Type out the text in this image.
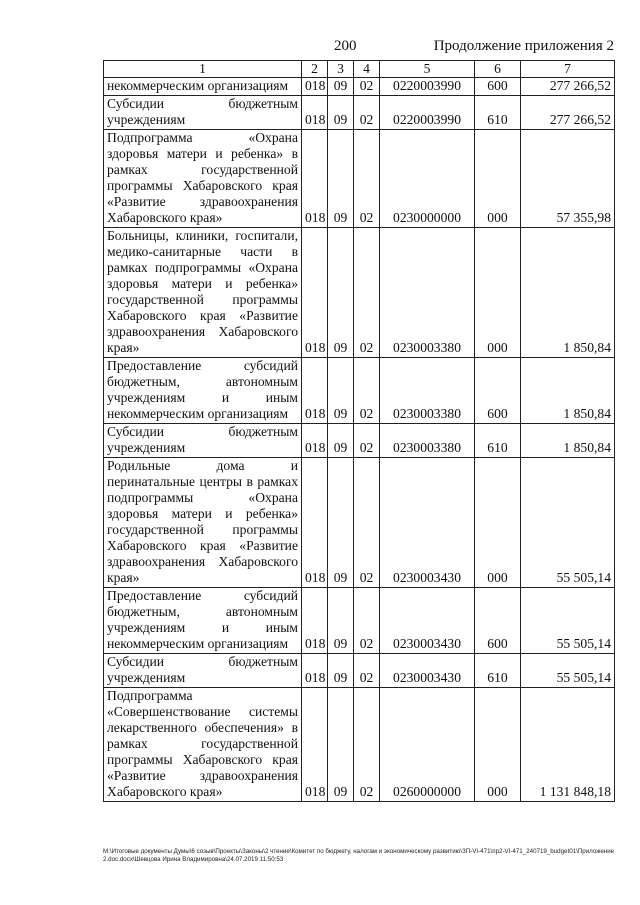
200	Продолжение приложения 2
1	2	3	4	5	6	7
некоммерческим организациям	018	09	02	0220003990	600	277 266,52
Субсидии бюджетным учреждениям	018	09	02	0220003990	610	277 266,52
Подпрограмма «Охрана здоровья матери и ребенка» в рамках государственной программы Хабаровского края «Развитие здравоохранения Хабаровского края»	018	09	02	0230000000	000	57 355,98
Больницы, клиники, госпитали, медико-санитарные части в рамках подпрограммы «Охрана здоровья матери и ребенка» государственной программы Хабаровского края «Развитие здравоохранения Хабаровского края»	018	09	02	0230003380	000	1 850,84
Предоставление субсидий бюджетным, автономным учреждениям и иным некоммерческим организациям	018	09	02	0230003380	600	1 850,84
Субсидии бюджетным учреждениям	018	09	02	0230003380	610	1 850,84
Родильные дома и перинатальные центры в рамках подпрограммы «Охрана здоровья матери и ребенка» государственной программы Хабаровского края «Развитие здравоохранения Хабаровского края»	018	09	02	0230003430	000	55 505,14
Предоставление субсидий бюджетным, автономным учреждениям и иным некоммерческим организациям	018	09	02	0230003430	600	55 505,14
Субсидии бюджетным учреждениям	018	09	02	0230003430	610	55 505,14
Подпрограмма «Совершенствование системы лекарственного обеспечения» в рамках государственной программы Хабаровского края «Развитие здравоохранения Хабаровского края»	018	09	02	0260000000	000	1 131 848,18
M:\Итоговые документы Думы\6 созыв\Проекты\Законы\2 чтение\Комитет по бюджету, налогам и экономическому развитию\ЗП-VI-471\пр2-VI-471_240719_budget01\Приложение 2.doc.docx\Шевцова Ирина Владимировна\24.07.2019 11:50:53
